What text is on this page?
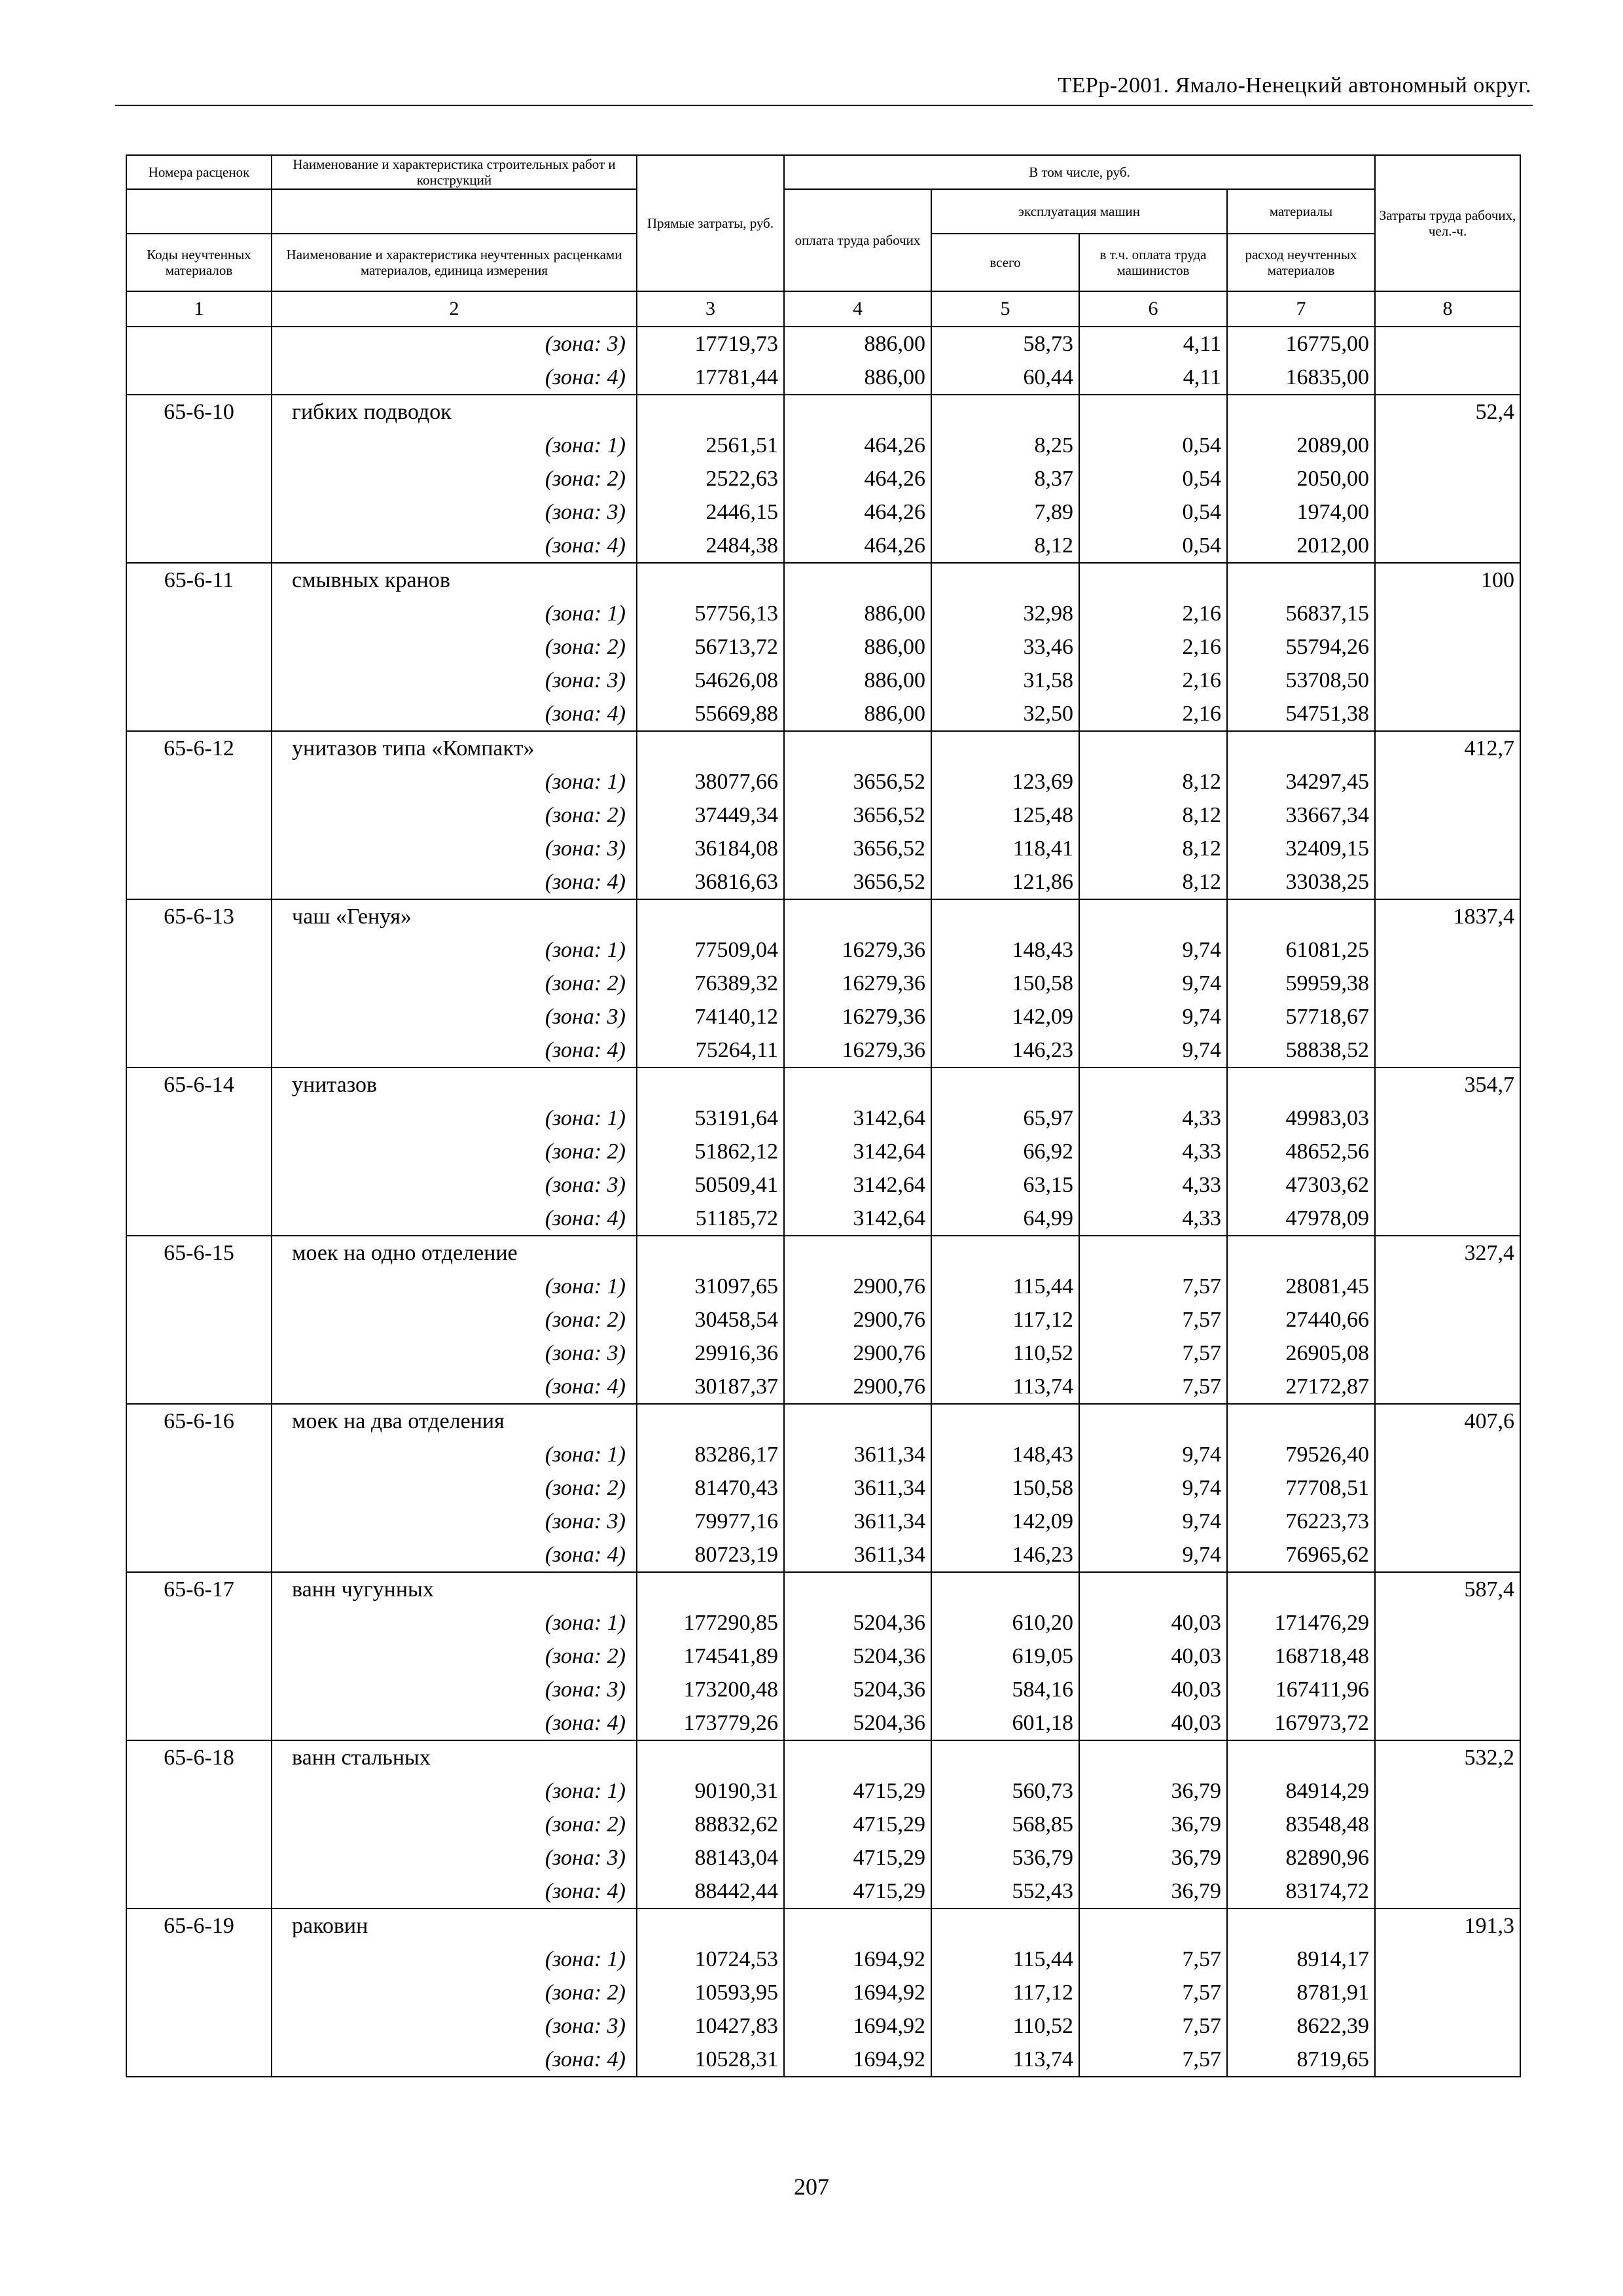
ТЕРр-2001. Ямало-Ненецкий автономный округ.
Номера расценок	Наименование и характеристика строительных работ и конструкций	Прямые затраты, руб.	В том числе, руб.				Затраты труда рабочих, чел.-ч.
			оплата труда рабочих	эксплуатация машин		материалы	
				всего	в т.ч. оплата труда машинистов	расход неучтенных материалов	
Коды неучтенных материалов	Наименование и характеристика неучтенных расценками материалов, единица измерения						
1	2	3	4	5	6	7	8
	(зона: 3)	17719,73	886,00	58,73	4,11	16775,00	
	(зона: 4)	17781,44	886,00	60,44	4,11	16835,00	
65-6-10	гибких подводок						52,4
	(зона: 1)	2561,51	464,26	8,25	0,54	2089,00	
	(зона: 2)	2522,63	464,26	8,37	0,54	2050,00	
	(зона: 3)	2446,15	464,26	7,89	0,54	1974,00	
	(зона: 4)	2484,38	464,26	8,12	0,54	2012,00	
65-6-11	смывных кранов						100
	(зона: 1)	57756,13	886,00	32,98	2,16	56837,15	
	(зона: 2)	56713,72	886,00	33,46	2,16	55794,26	
	(зона: 3)	54626,08	886,00	31,58	2,16	53708,50	
	(зона: 4)	55669,88	886,00	32,50	2,16	54751,38	
65-6-12	унитазов типа «Компакт»						412,7
	(зона: 1)	38077,66	3656,52	123,69	8,12	34297,45	
	(зона: 2)	37449,34	3656,52	125,48	8,12	33667,34	
	(зона: 3)	36184,08	3656,52	118,41	8,12	32409,15	
	(зона: 4)	36816,63	3656,52	121,86	8,12	33038,25	
65-6-13	чаш «Генуя»						1837,4
	(зона: 1)	77509,04	16279,36	148,43	9,74	61081,25	
	(зона: 2)	76389,32	16279,36	150,58	9,74	59959,38	
	(зона: 3)	74140,12	16279,36	142,09	9,74	57718,67	
	(зона: 4)	75264,11	16279,36	146,23	9,74	58838,52	
65-6-14	унитазов						354,7
	(зона: 1)	53191,64	3142,64	65,97	4,33	49983,03	
	(зона: 2)	51862,12	3142,64	66,92	4,33	48652,56	
	(зона: 3)	50509,41	3142,64	63,15	4,33	47303,62	
	(зона: 4)	51185,72	3142,64	64,99	4,33	47978,09	
65-6-15	моек на одно отделение						327,4
	(зона: 1)	31097,65	2900,76	115,44	7,57	28081,45	
	(зона: 2)	30458,54	2900,76	117,12	7,57	27440,66	
	(зона: 3)	29916,36	2900,76	110,52	7,57	26905,08	
	(зона: 4)	30187,37	2900,76	113,74	7,57	27172,87	
65-6-16	моек на два отделения						407,6
	(зона: 1)	83286,17	3611,34	148,43	9,74	79526,40	
	(зона: 2)	81470,43	3611,34	150,58	9,74	77708,51	
	(зона: 3)	79977,16	3611,34	142,09	9,74	76223,73	
	(зона: 4)	80723,19	3611,34	146,23	9,74	76965,62	
65-6-17	ванн чугунных						587,4
	(зона: 1)	177290,85	5204,36	610,20	40,03	171476,29	
	(зона: 2)	174541,89	5204,36	619,05	40,03	168718,48	
	(зона: 3)	173200,48	5204,36	584,16	40,03	167411,96	
	(зона: 4)	173779,26	5204,36	601,18	40,03	167973,72	
65-6-18	ванн стальных						532,2
	(зона: 1)	90190,31	4715,29	560,73	36,79	84914,29	
	(зона: 2)	88832,62	4715,29	568,85	36,79	83548,48	
	(зона: 3)	88143,04	4715,29	536,79	36,79	82890,96	
	(зона: 4)	88442,44	4715,29	552,43	36,79	83174,72	
65-6-19	раковин						191,3
	(зона: 1)	10724,53	1694,92	115,44	7,57	8914,17	
	(зона: 2)	10593,95	1694,92	117,12	7,57	8781,91	
	(зона: 3)	10427,83	1694,92	110,52	7,57	8622,39	
	(зона: 4)	10528,31	1694,92	113,74	7,57	8719,65	
207
